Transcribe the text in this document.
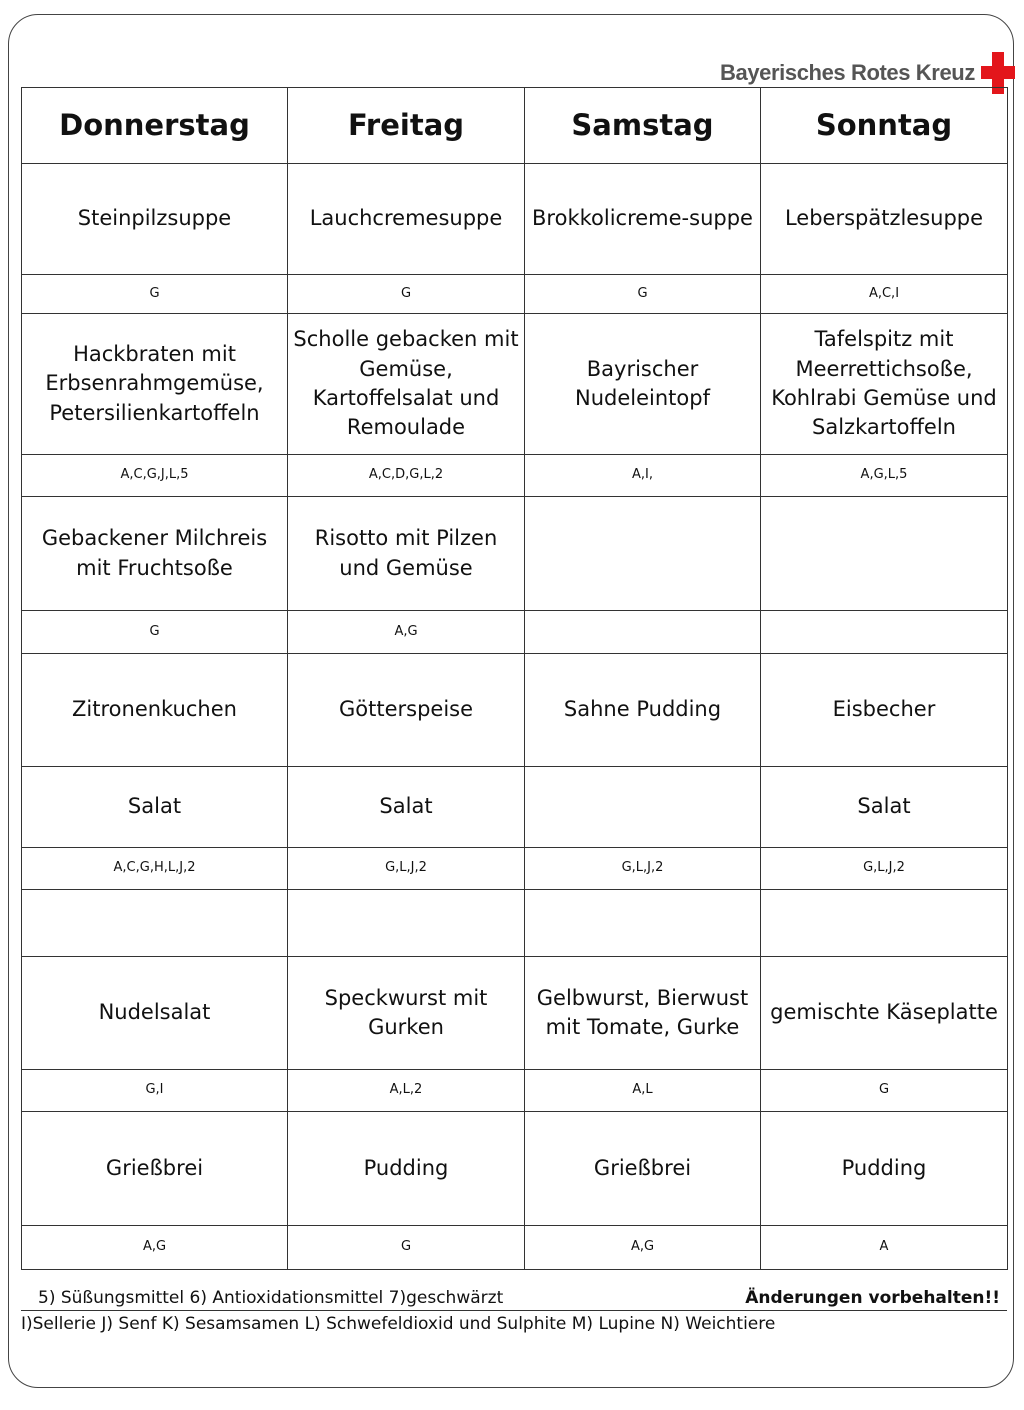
Bayerisches Rotes Kreuz
Donnerstag	Freitag	Samstag	Sonntag
Steinpilzsuppe	Lauchcremesuppe	Brokkolicreme-suppe	Leberspätzlesuppe
G	G	G	A,C,I
Hackbraten mit Erbsenrahmgemüse, Petersilienkartoffeln	Scholle gebacken mit Gemüse, Kartoffelsalat und Remoulade	Bayrischer Nudeleintopf	Tafelspitz mit Meerrettichsoße, Kohlrabi Gemüse und Salzkartoffeln
A,C,G,J,L,5	A,C,D,G,L,2	A,I,	A,G,L,5
Gebackener Milchreis mit Fruchtsoße	Risotto mit Pilzen und Gemüse		
G	A,G		
Zitronenkuchen	Götterspeise	Sahne Pudding	Eisbecher
Salat	Salat		Salat
A,C,G,H,L,J,2	G,L,J,2	G,L,J,2	G,L,J,2

Nudelsalat	Speckwurst mit Gurken	Gelbwurst, Bierwust mit Tomate, Gurke	gemischte Käseplatte
G,I	A,L,2	A,L	G
Grießbrei	Pudding	Grießbrei	Pudding
A,G	G	A,G	A
5) Süßungsmittel 6) Antioxidationsmittel 7)geschwärzt	Änderungen vorbehalten!!
I)Sellerie J) Senf K) Sesamsamen L) Schwefeldioxid und Sulphite M) Lupine N) Weichtiere
